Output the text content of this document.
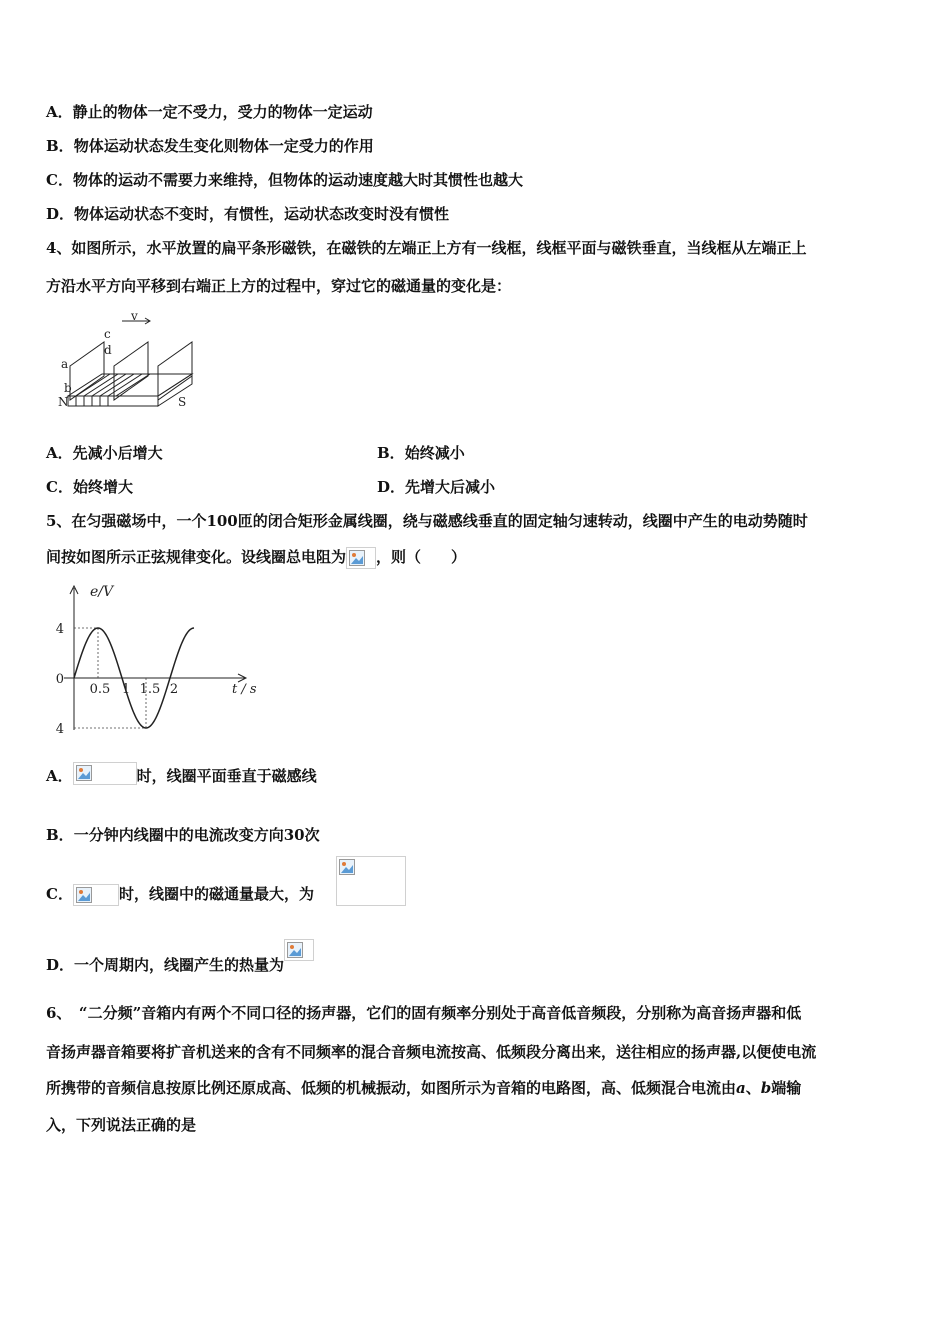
A．静止的物体一定不受力，受力的物体一定运动
B．物体运动状态发生变化则物体一定受力的作用
C．物体的运动不需要力来维持，但物体的运动速度越大时其惯性也越大
D．物体运动状态不变时，有惯性，运动状态改变时没有惯性
4、如图所示，水平放置的扁平条形磁铁，在磁铁的左端正上方有一线框，线框平面与磁铁垂直，当线框从左端正上
方沿水平方向平移到右端正上方的过程中，穿过它的磁通量的变化是：
v
a
b
c
d
N	S
A．先减小后增大	B．始终减小
C．始终增大	D．先增大后减小
5、在匀强磁场中，一个100匝的闭合矩形金属线圈，绕与磁感线垂直的固定轴匀速转动，线圈中产生的电动势随时
间按如图所示正弦规律变化。设线圈总电阻为 ，则（　　）
e/V
t / s
0.5 1 1.5 2
4
0
4
A．	时，线圈平面垂直于磁感线
B．一分钟内线圈中的电流改变方向30次
C．	时，线圈中的磁通量最大，为
D．一个周期内，线圈产生的热量为
6、　“二分频”音箱内有两个不同口径的扬声器，它们的固有频率分别处于高音低音频段，分别称为高音扬声器和低
音扬声器音箱要将扩音机送来的含有不同频率的混合音频电流按高、低频段分离出来，送往相应的扬声器,以便使电流
所携带的音频信息按原比例还原成高、低频的机械振动，如图所示为音箱的电路图，高、低频混合电流由a、b端输
入，下列说法正确的是
